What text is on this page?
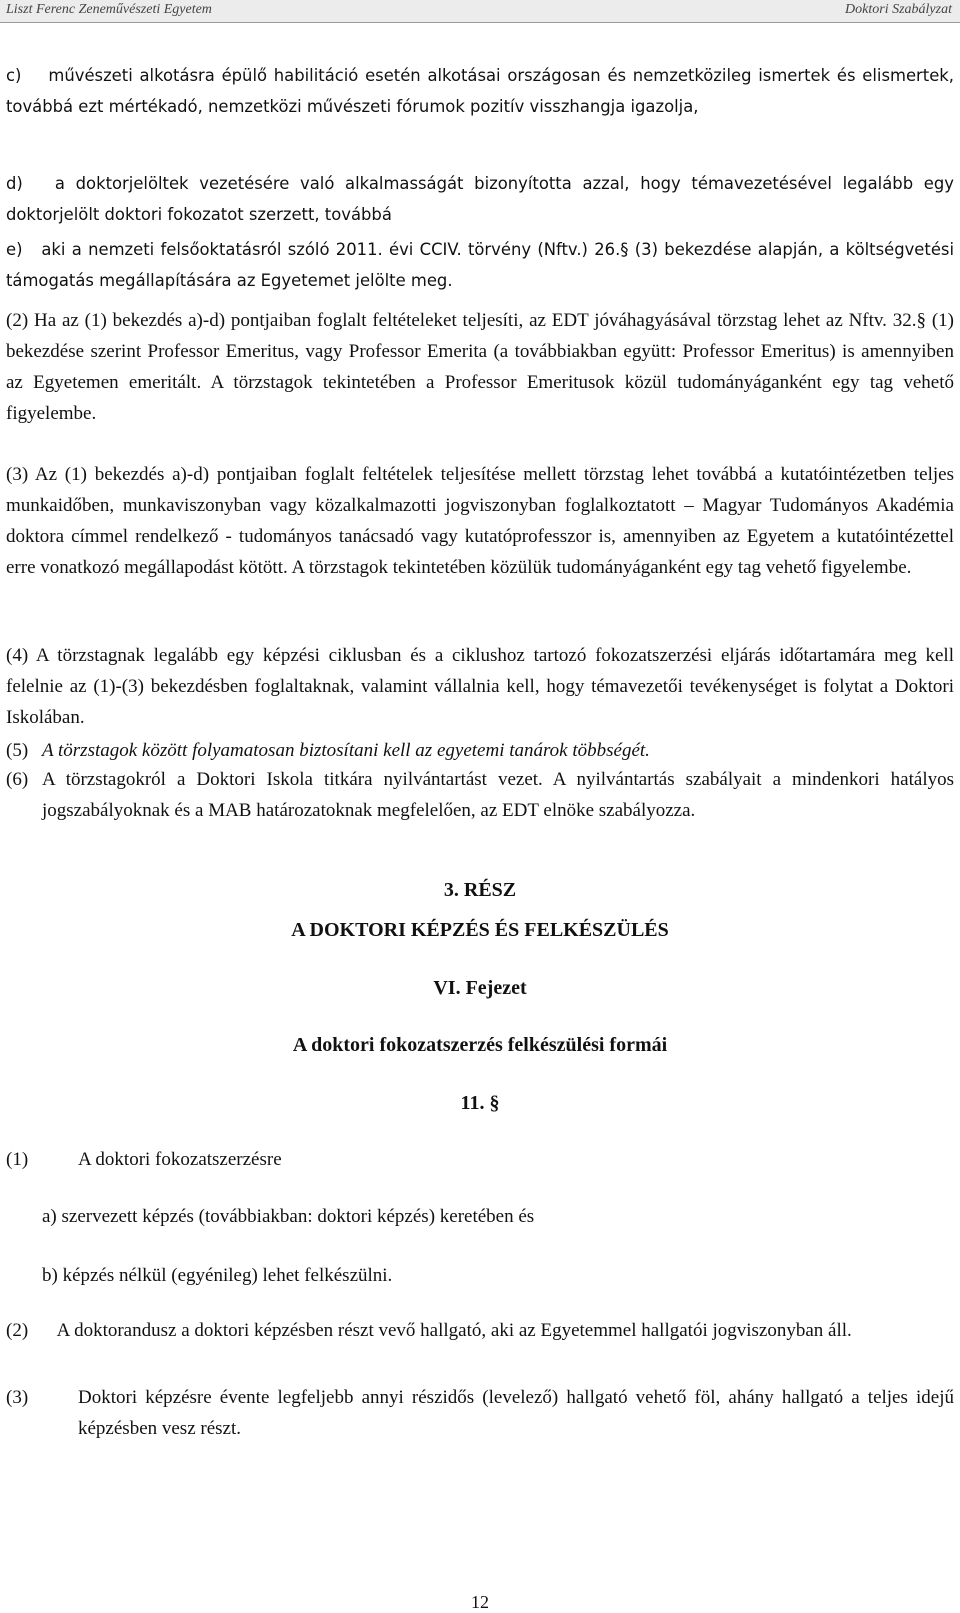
Liszt Ferenc Zeneművészeti Egyetem	Doktori Szabályzat
c)    művészeti alkotásra épülő habilitáció esetén alkotásai országosan és nemzetközileg ismertek és elismertek, továbbá ezt mértékadó, nemzetközi művészeti fórumok pozitív visszhangja igazolja,
d)   a doktorjelöltek vezetésére való alkalmasságát bizonyította azzal, hogy témavezetésével legalább egy doktorjelölt doktori fokozatot szerzett, továbbá
e)   aki a nemzeti felsőoktatásról szóló 2011. évi CCIV. törvény (Nftv.) 26.§ (3) bekezdése alapján, a költségvetési támogatás megállapítására az Egyetemet jelölte meg.
(2) Ha az (1) bekezdés a)-d) pontjaiban foglalt feltételeket teljesíti, az EDT jóváhagyásával törzstag lehet az Nftv. 32.§ (1) bekezdése szerint Professor Emeritus, vagy Professor Emerita (a továbbiakban együtt: Professor Emeritus) is amennyiben az Egyetemen emeritált. A törzstagok tekintetében a Professor Emeritusok közül tudományáganként egy tag vehető figyelembe.
(3) Az (1) bekezdés a)-d) pontjaiban foglalt feltételek teljesítése mellett törzstag lehet továbbá a kutatóintézetben teljes munkaidőben, munkaviszonyban vagy közalkalmazotti jogviszonyban foglalkoztatott – Magyar Tudományos Akadémia doktora címmel rendelkező - tudományos tanácsadó vagy kutatóprofesszor is, amennyiben az Egyetem a kutatóintézettel erre vonatkozó megállapodást kötött. A törzstagok tekintetében közülük tudományáganként egy tag vehető figyelembe.
(4) A törzstagnak legalább egy képzési ciklusban és a ciklushoz tartozó fokozatszerzési eljárás időtartamára meg kell felelnie az (1)-(3) bekezdésben foglaltaknak, valamint vállalnia kell, hogy témavezetői tevékenységet is folytat a Doktori Iskolában.
(5) A törzstagok között folyamatosan biztosítani kell az egyetemi tanárok többségét.
(6) A törzstagokról a Doktori Iskola titkára nyilvántartást vezet. A nyilvántartás szabályait a mindenkori hatályos jogszabályoknak és a MAB határozatoknak megfelelően, az EDT elnöke szabályozza.
3. RÉSZ
A DOKTORI KÉPZÉS ÉS FELKÉSZÜLÉS
VI. Fejezet
A doktori fokozatszerzés felkészülési formái
11. §
(1)	A doktori fokozatszerzésre
a) szervezett képzés (továbbiakban: doktori képzés) keretében és
b) képzés nélkül (egyénileg) lehet felkészülni.
(2)      A doktorandusz a doktori képzésben részt vevő hallgató, aki az Egyetemmel hallgatói jogviszonyban áll.
(3)	Doktori képzésre évente legfeljebb annyi részidős (levelező) hallgató vehető föl, ahány hallgató a teljes idejű képzésben vesz részt.
12
